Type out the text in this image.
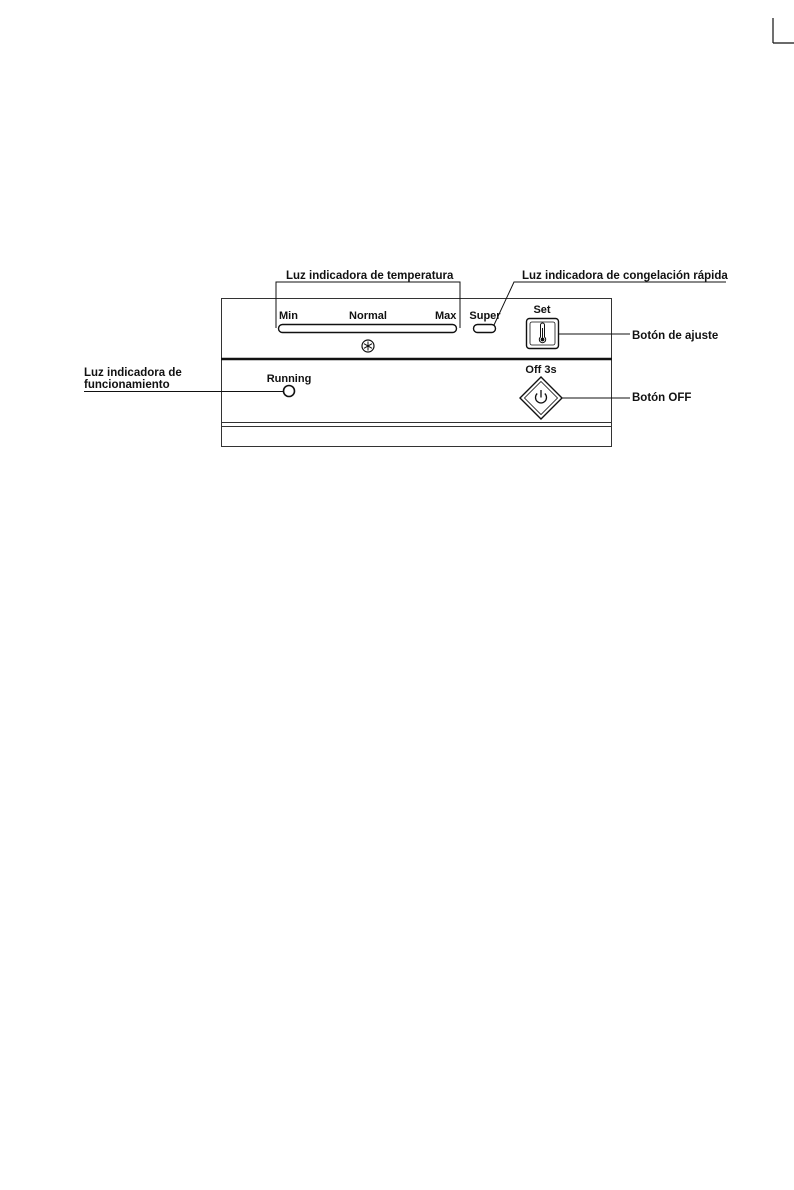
Luz indicadora de temperatura	Luz indicadora de congelación rápida
Luz indicadora de
funcionamiento
Botón de ajuste
Botón OFF
Min	Normal	Max Super	Set
Running
Off 3s
